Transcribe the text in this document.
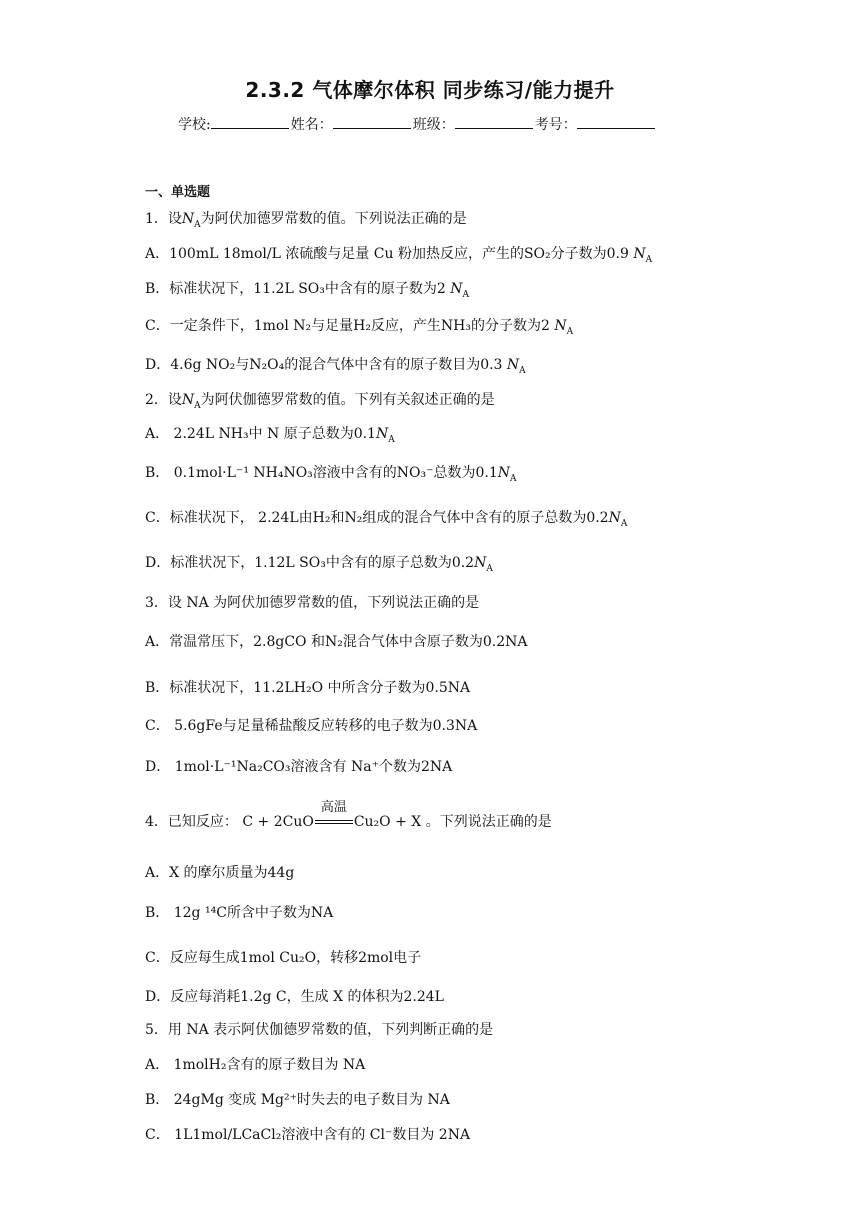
2.3.2 气体摩尔体积 同步练习/能力提升
学校:	姓名：	班级：	考号：
一、单选题
1．设$N_A$为阿伏加德罗常数的值。下列说法正确的是
A．100mL 18mol/L 浓硫酸与足量 Cu 粉加热反应，产生的SO₂分子数为0.9 $N_A$
B．标准状况下，11.2L SO₃中含有的原子数为2 $N_A$
C．一定条件下，1mol N₂与足量H₂反应，产生NH₃的分子数为2 $N_A$
D．4.6g NO₂与N₂O₄的混合气体中含有的原子数目为0.3 $N_A$
2．设$N_A$为阿伏伽德罗常数的值。下列有关叙述正确的是
A． 2.24L NH₃中 N 原子总数为$0.1N_A$
B． 0.1mol·L⁻¹ NH₄NO₃溶液中含有的NO₃⁻总数为$0.1N_A$
C．标准状况下， 2.24L由H₂和N₂组成的混合气体中含有的原子总数为$0.2N_A$
D．标准状况下，1.12L SO₃中含有的原子总数为$0.2N_A$
3．设 NA 为阿伏加德罗常数的值，下列说法正确的是
A．常温常压下，2.8gCO 和N₂混合气体中含原子数为0.2NA
B．标准状况下，11.2LH₂O 中所含分子数为0.5NA
C． 5.6gFe与足量稀盐酸反应转移的电子数为0.3NA
D． 1mol·L⁻¹Na₂CO₃溶液含有 Na⁺个数为2NA
4．已知反应： C + 2CuO
高温
Cu₂O + X 。下列说法正确的是
A．X 的摩尔质量为44g
B． 12g ¹⁴C所含中子数为NA
C．反应每生成1mol Cu₂O，转移2mol电子
D．反应每消耗1.2g C，生成 X 的体积为2.24L
5．用 NA 表示阿伏伽德罗常数的值，下列判断正确的是
A． 1molH₂含有的原子数目为 NA
B． 24gMg 变成 Mg²⁺时失去的电子数目为 NA
C． 1L1mol/LCaCl₂溶液中含有的 Cl⁻数目为 2NA
